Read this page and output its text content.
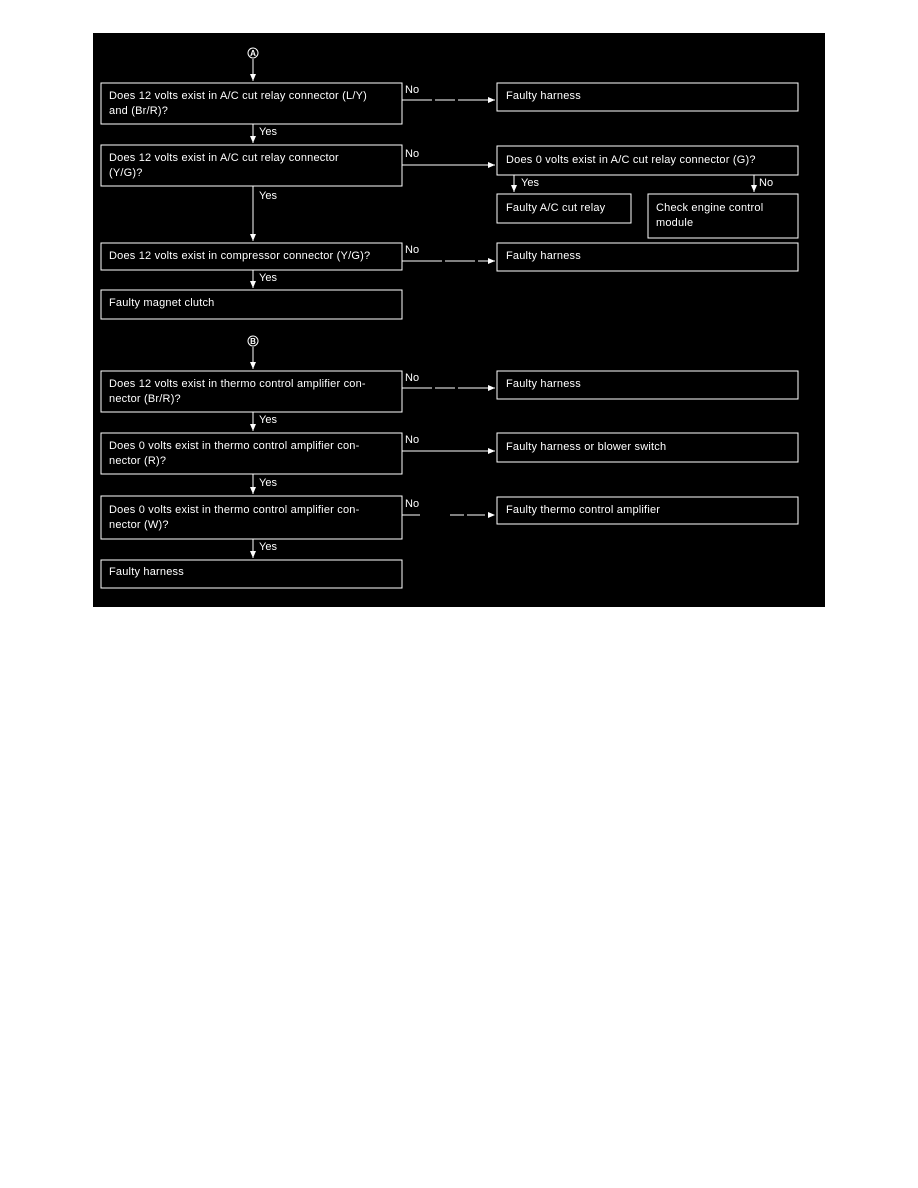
A
Does 12 volts exist in A/C cut relay connector (L/Y) and (Br/R)?
No	Faulty harness
Yes
Does 12 volts exist in A/C cut relay connector (Y/G)?
No	Does 0 volts exist in A/C cut relay connector (G)?
Yes	No
Faulty A/C cut relay	Check engine control module
Yes
Does 12 volts exist in compressor connector (Y/G)?	No	Faulty harness
Yes
Faulty magnet clutch
B
Does 12 volts exist in thermo control amplifier con- nector (Br/R)?
No	Faulty harness
Yes
Does 0 volts exist in thermo control amplifier con- nector (R)?
No
Faulty harness or blower switch
Yes
Does 0 volts exist in thermo control amplifier con- nector (W)?
No	Faulty thermo control amplifier
Yes
Faulty harness
